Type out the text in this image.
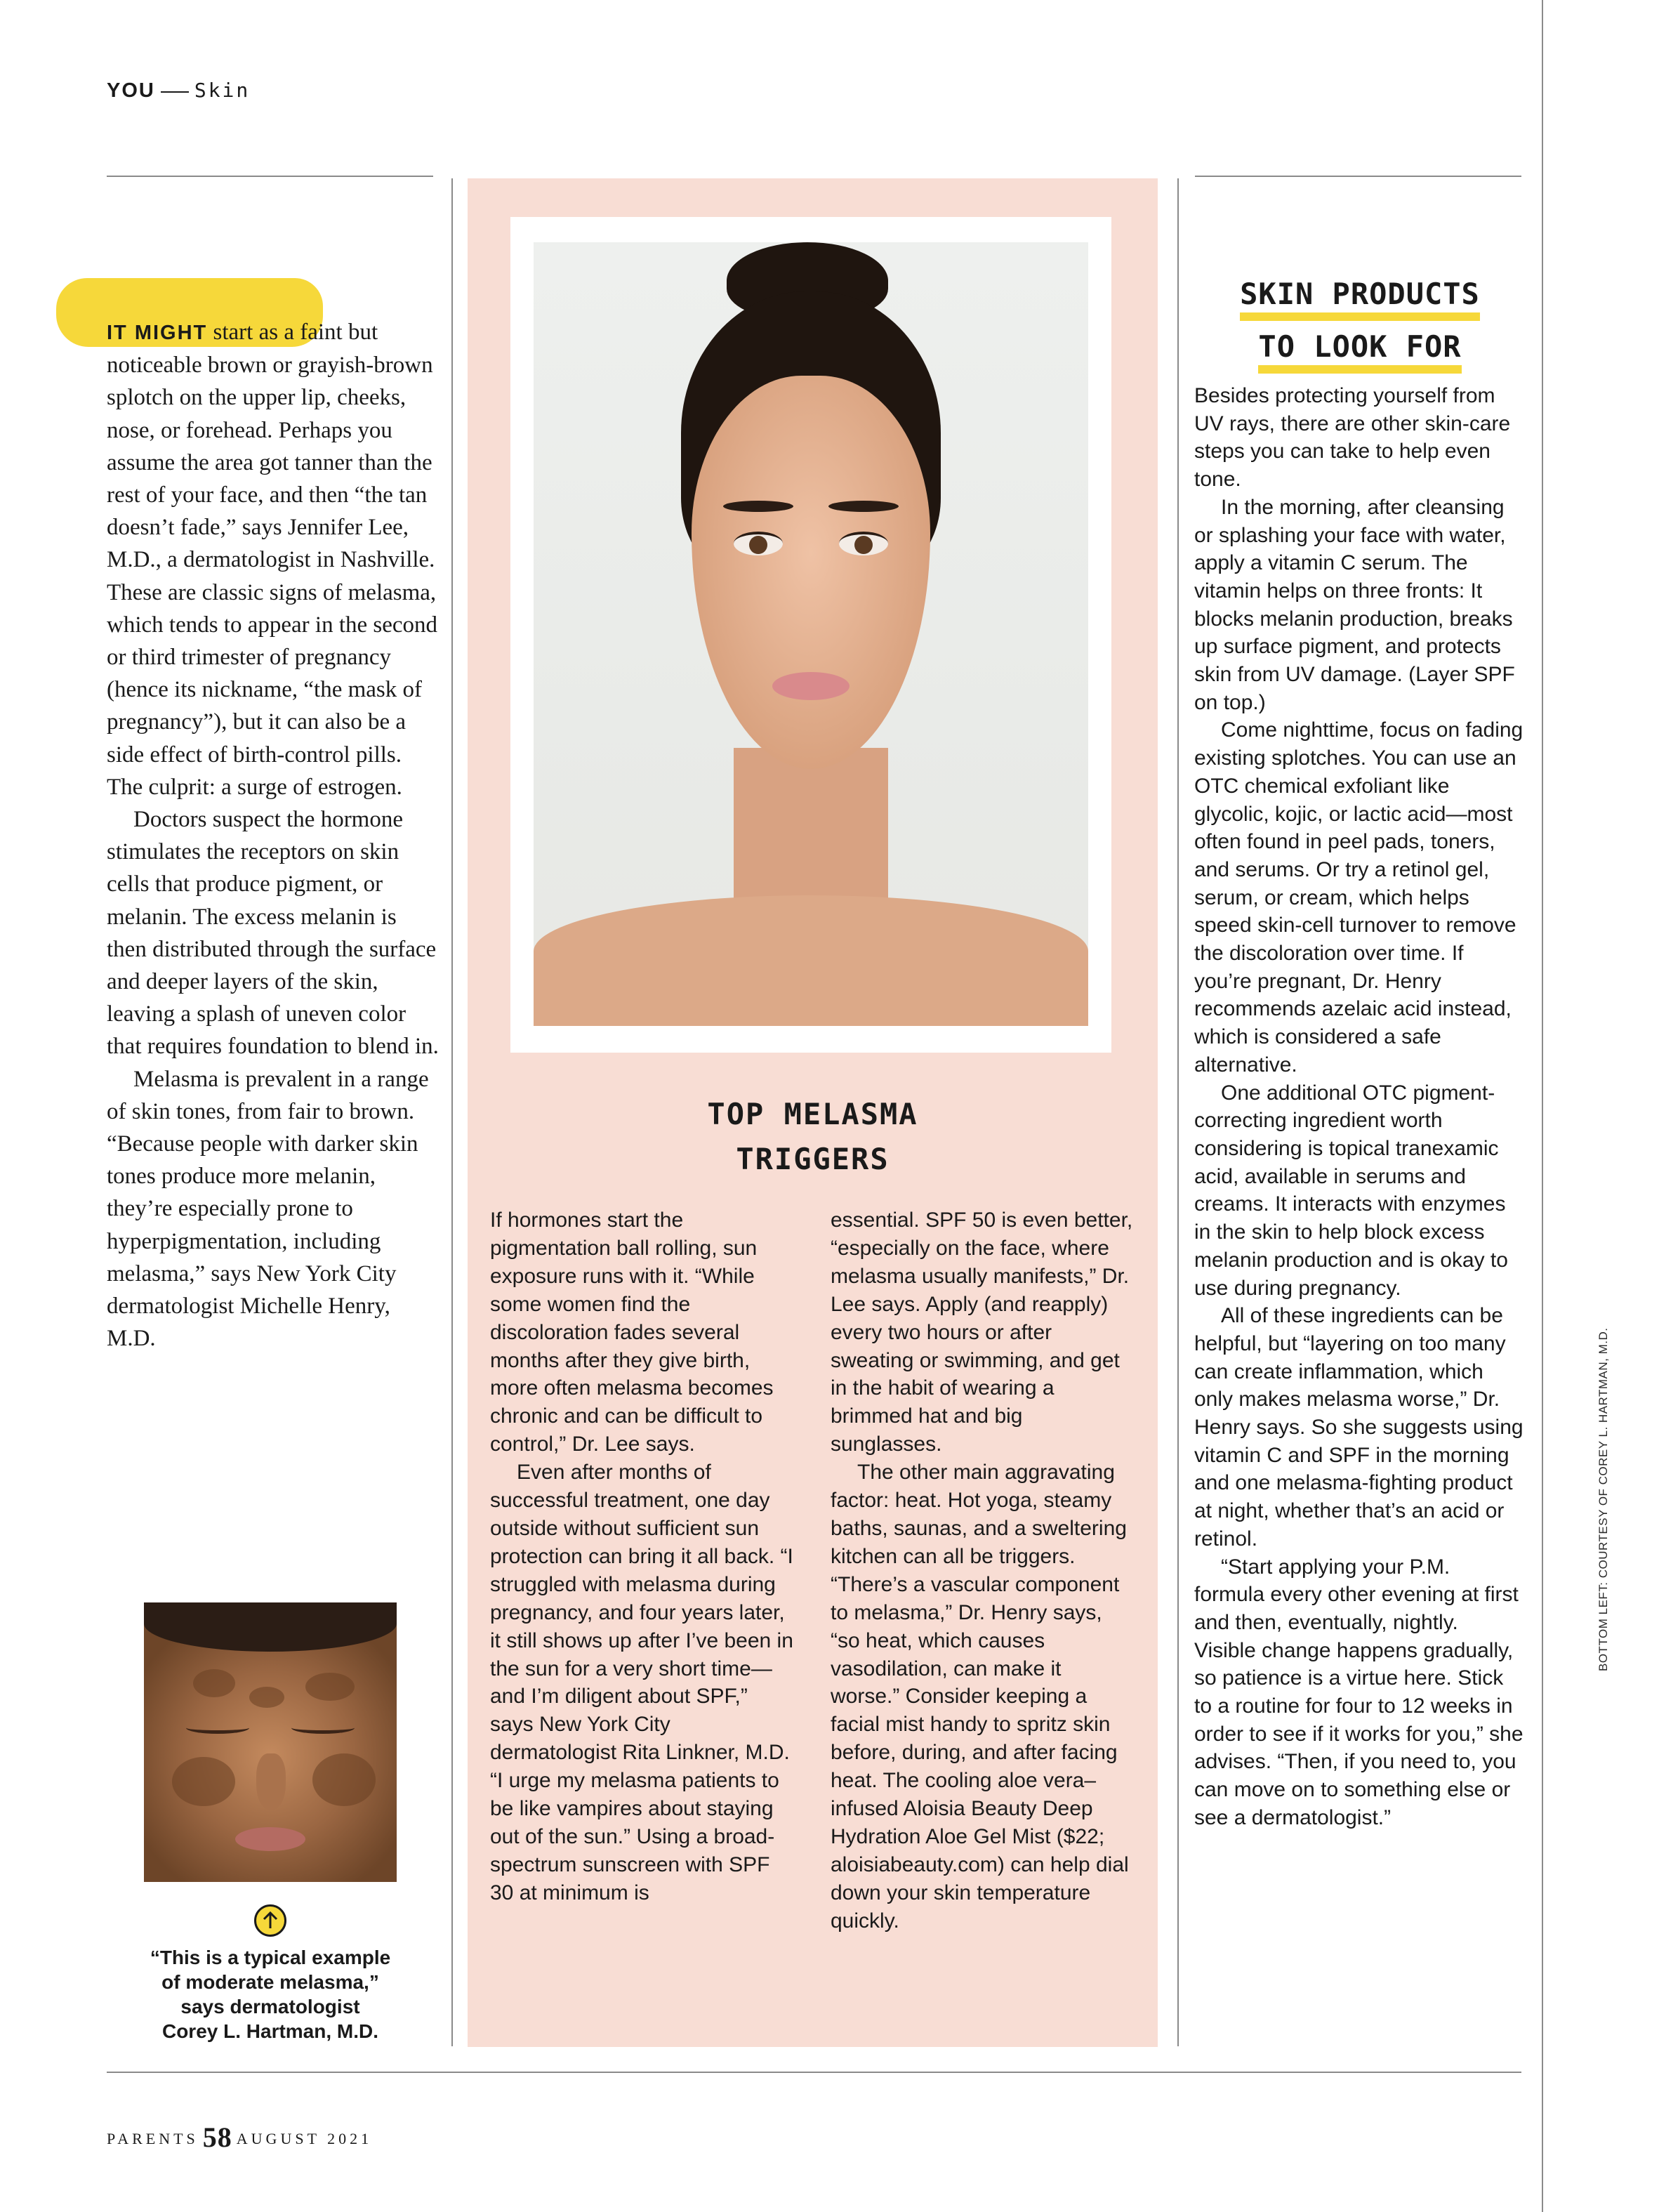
YOU Skin

IT MIGHT start as a faint but noticeable brown or grayish-brown splotch on the upper lip, cheeks, nose, or forehead. Perhaps you assume the area got tanner than the rest of your face, and then “the tan doesn’t fade,” says Jennifer Lee, M.D., a dermatologist in Nashville. These are classic signs of melasma, which tends to appear in the second or third trimester of pregnancy (hence its nickname, “the mask of pregnancy”), but it can also be a side effect of birth-control pills. The culprit: a surge of estrogen.

Doctors suspect the hormone stimulates the receptors on skin cells that produce pigment, or melanin. The excess melanin is then distributed through the surface and deeper layers of the skin, leaving a splash of uneven color that requires foundation to blend in.

Melasma is prevalent in a range of skin tones, from fair to brown. “Because people with darker skin tones produce more melanin, they’re especially prone to hyperpigmentation, including melasma,” says New York City dermatologist Michelle Henry, M.D.

“This is a typical example
of moderate melasma,”
says dermatologist
Corey L. Hartman, M.D.
TOP MELASMA
TRIGGERS

If hormones start the pigmentation ball rolling, sun exposure runs with it. “While some women find the discoloration fades several months after they give birth, more often melasma becomes chronic and can be difficult to control,” Dr. Lee says.

Even after months of successful treatment, one day outside without sufficient sun protection can bring it all back. “I struggled with melasma during pregnancy, and four years later, it still shows up after I’ve been in the sun for a very short time—and I’m diligent about SPF,” says New York City dermatologist Rita Linkner, M.D. “I urge my melasma patients to be like vampires about staying out of the sun.” Using a broad-spectrum sunscreen with SPF 30 at minimum is

essential. SPF 50 is even better, “especially on the face, where melasma usually manifests,” Dr. Lee says. Apply (and reapply) every two hours or after sweating or swimming, and get in the habit of wearing a brimmed hat and big sunglasses.

The other main aggravating factor: heat. Hot yoga, steamy baths, saunas, and a sweltering kitchen can all be triggers. “There’s a vascular component to melasma,” Dr. Henry says, “so heat, which causes vasodilation, can make it worse.” Consider keeping a facial mist handy to spritz skin before, during, and after facing heat. The cooling aloe vera–infused Aloisia Beauty Deep Hydration Aloe Gel Mist ($22; aloisiabeauty.com) can help dial down your skin temperature quickly.

SKIN PRODUCTS
TO LOOK FOR

Besides protecting yourself from UV rays, there are other skin-care steps you can take to help even tone.

In the morning, after cleansing or splashing your face with water, apply a vitamin C serum. The vitamin helps on three fronts: It blocks melanin production, breaks up surface pigment, and protects skin from UV damage. (Layer SPF on top.)

Come nighttime, focus on fading existing splotches. You can use an OTC chemical exfoliant like glycolic, kojic, or lactic acid—most often found in peel pads, toners, and serums. Or try a retinol gel, serum, or cream, which helps speed skin-cell turnover to remove the discoloration over time. If you’re pregnant, Dr. Henry recommends azelaic acid instead, which is considered a safe alternative.

One additional OTC pigment-correcting ingredient worth considering is topical tranexamic acid, available in serums and creams. It interacts with enzymes in the skin to help block excess melanin production and is okay to use during pregnancy.

All of these ingredients can be helpful, but “layering on too many can create inflammation, which only makes melasma worse,” Dr. Henry says. So she suggests using vitamin C and SPF in the morning and one melasma-fighting product at night, whether that’s an acid or retinol.

“Start applying your P.M. formula every other evening at first and then, eventually, nightly. Visible change happens gradually, so patience is a virtue here. Stick to a routine for four to 12 weeks in order to see if it works for you,” she advises. “Then, if you need to, you can move on to something else or see a dermatologist.”

BOTTOM LEFT: COURTESY OF COREY L. HARTMAN, M.D.
PARENTS 58 AUGUST 2021
